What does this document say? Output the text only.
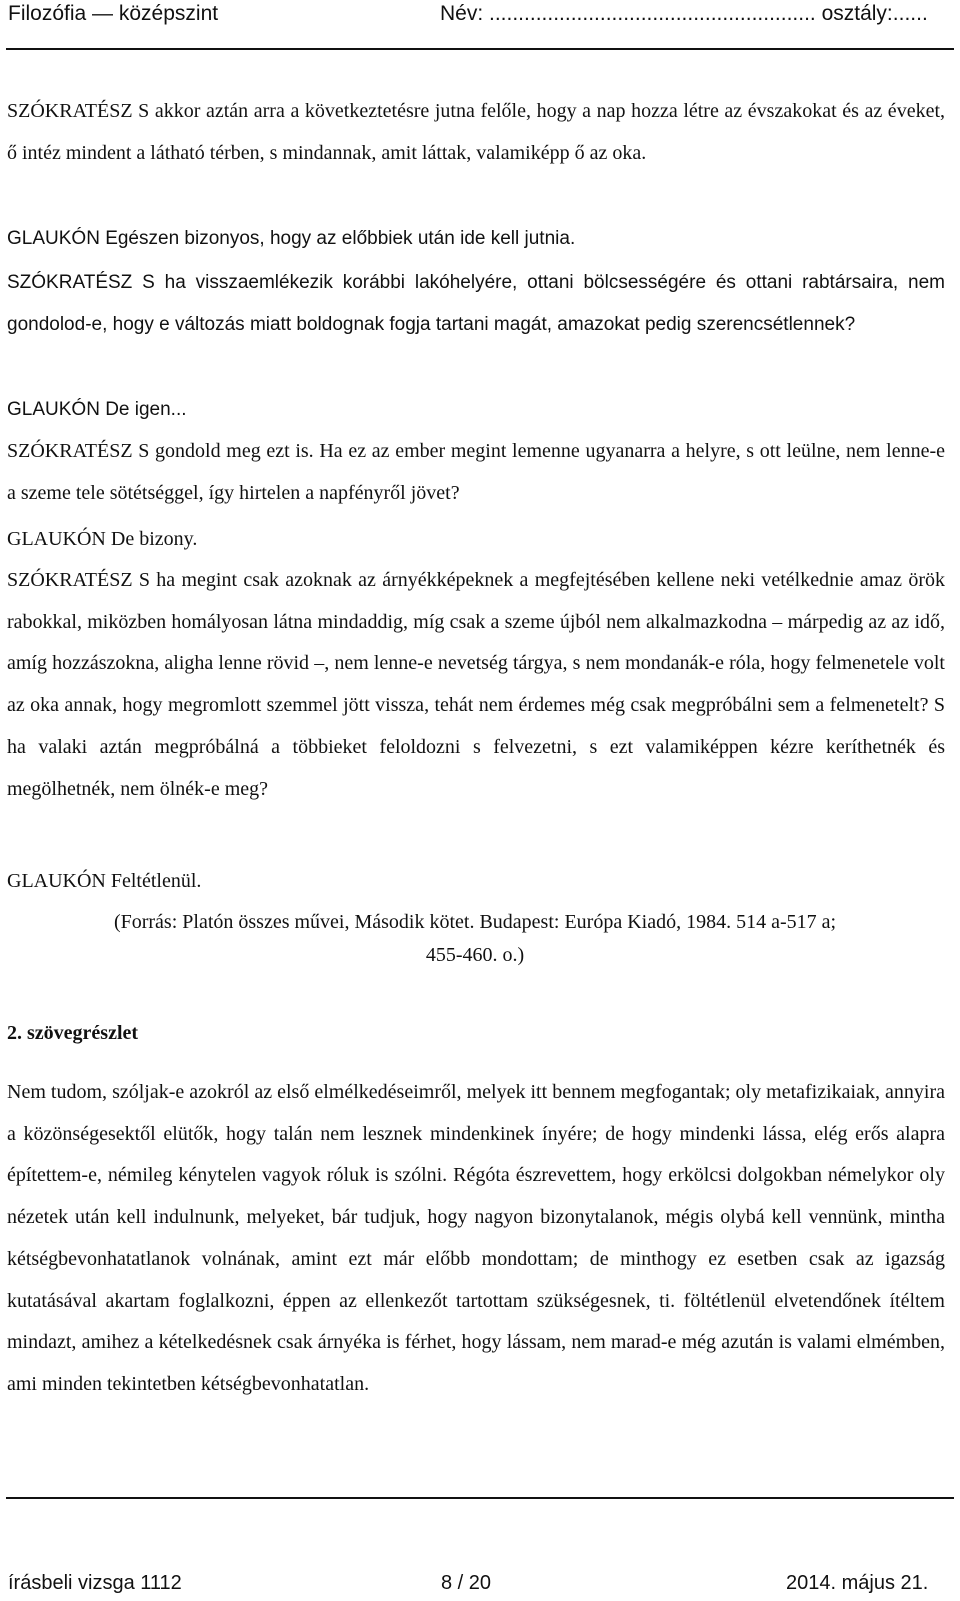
Filozófia — középszint	Név: ........................................................ osztály:......

SZÓKRATÉSZ S akkor aztán arra a következtetésre jutna felőle, hogy a nap hozza létre az évszakokat és az éveket, ő intéz mindent a látható térben, s mindannak, amit láttak, valamiképp ő az oka.

GLAUKÓN Egészen bizonyos, hogy az előbbiek után ide kell jutnia.

SZÓKRATÉSZ S ha visszaemlékezik korábbi lakóhelyére, ottani bölcsességére és ottani rabtársaira, nem gondolod-e, hogy e változás miatt boldognak fogja tartani magát, amazokat pedig szerencsétlennek?

GLAUKÓN De igen...

SZÓKRATÉSZ S gondold meg ezt is. Ha ez az ember megint lemenne ugyanarra a helyre, s ott leülne, nem lenne-e a szeme tele sötétséggel, így hirtelen a napfényről jövet?

GLAUKÓN De bizony.

SZÓKRATÉSZ S ha megint csak azoknak az árnyékképeknek a megfejtésében kellene neki vetélkednie amaz örök rabokkal, miközben homályosan látna mindaddig, míg csak a szeme újból nem alkalmazkodna – márpedig az az idő, amíg hozzászokna, aligha lenne rövid –, nem lenne-e nevetség tárgya, s nem mondanák-e róla, hogy felmenetele volt az oka annak, hogy megromlott szemmel jött vissza, tehát nem érdemes még csak megpróbálni sem a felmenetelt? S ha valaki aztán megpróbálná a többieket feloldozni s felvezetni, s ezt valamiképpen kézre keríthetnék és megölhetnék, nem ölnék-e meg?

GLAUKÓN Feltétlenül.

(Forrás: Platón összes művei, Második kötet. Budapest: Európa Kiadó, 1984. 514 a-517 a;

455-460. o.)

2. szövegrészlet

Nem tudom, szóljak-e azokról az első elmélkedéseimről, melyek itt bennem megfogantak; oly metafizikaiak, annyira a közönségesektől elütők, hogy talán nem lesznek mindenkinek ínyére; de hogy mindenki lássa, elég erős alapra építettem-e, némileg kénytelen vagyok róluk is szólni. Régóta észrevettem, hogy erkölcsi dolgokban némelykor oly nézetek után kell indulnunk, melyeket, bár tudjuk, hogy nagyon bizonytalanok, mégis olybá kell vennünk, mintha kétségbevonhatatlanok volnának, amint ezt már előbb mondottam; de minthogy ez esetben csak az igazság kutatásával akartam foglalkozni, éppen az ellenkezőt tartottam szükségesnek, ti. föltétlenül elvetendőnek ítéltem mindazt, amihez a kételkedésnek csak árnyéka is férhet, hogy lássam, nem marad-e még azután is valami elmémben, ami minden tekintetben kétségbevonhatatlan.

írásbeli vizsga 1112	8 / 20	2014. május 21.
